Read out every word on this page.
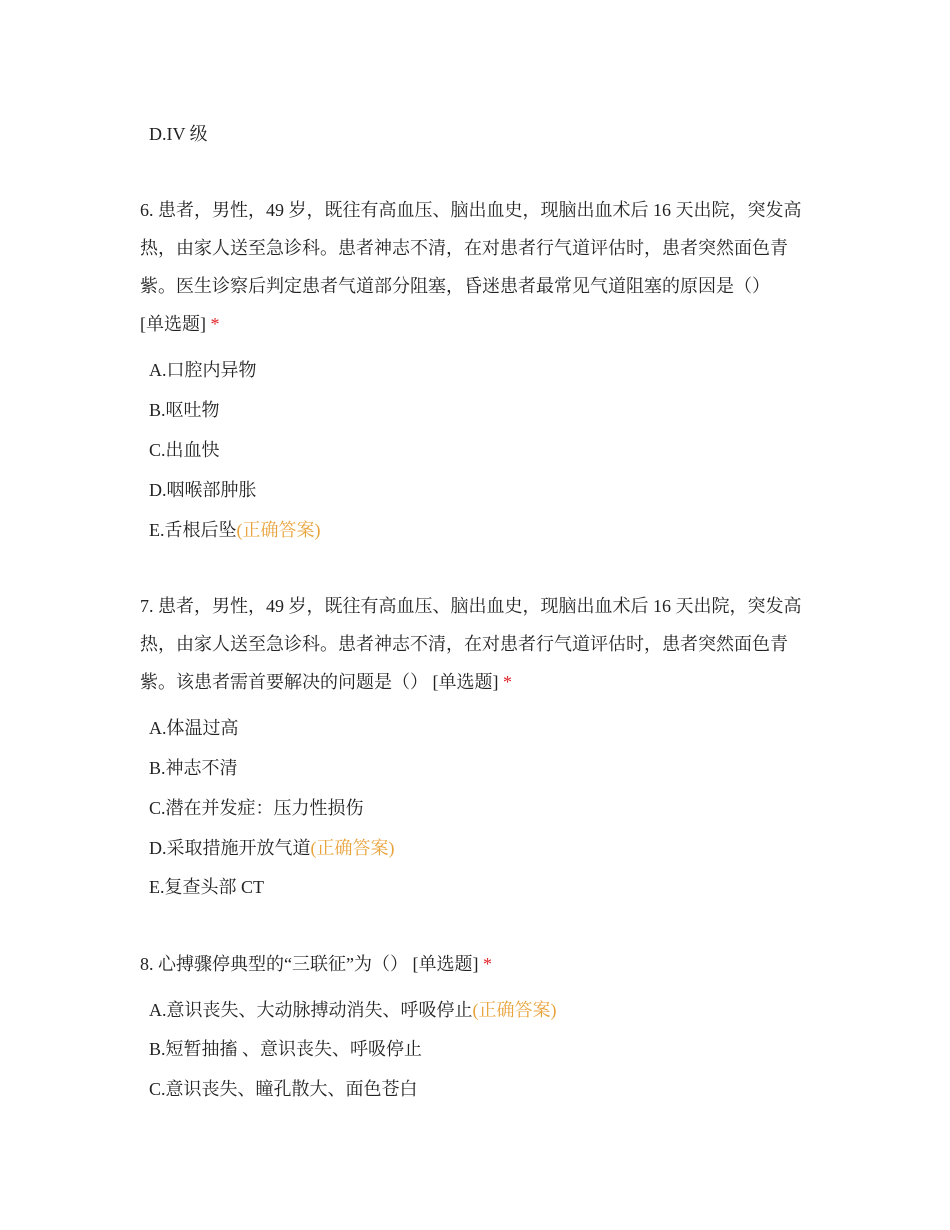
D.IV 级
6. 患者，男性，49 岁，既往有高血压、脑出血史，现脑出血术后 16 天出院，突发高热，由家人送至急诊科。患者神志不清，在对患者行气道评估时，患者突然面色青紫。医生诊察后判定患者气道部分阻塞，昏迷患者最常见气道阻塞的原因是（）
[单选题] *
A.口腔内异物
B.呕吐物
C.出血快
D.咽喉部肿胀
E.舌根后坠(正确答案)
7. 患者，男性，49 岁，既往有高血压、脑出血史，现脑出血术后 16 天出院，突发高热，由家人送至急诊科。患者神志不清，在对患者行气道评估时，患者突然面色青紫。该患者需首要解决的问题是（） [单选题] *
A.体温过高
B.神志不清
C.潜在并发症：压力性损伤
D.采取措施开放气道(正确答案)
E.复查头部 CT
8. 心搏骤停典型的“三联征”为（） [单选题] *
A.意识丧失、大动脉搏动消失、呼吸停止(正确答案)
B.短暂抽搐 、意识丧失、呼吸停止
C.意识丧失、瞳孔散大、面色苍白
